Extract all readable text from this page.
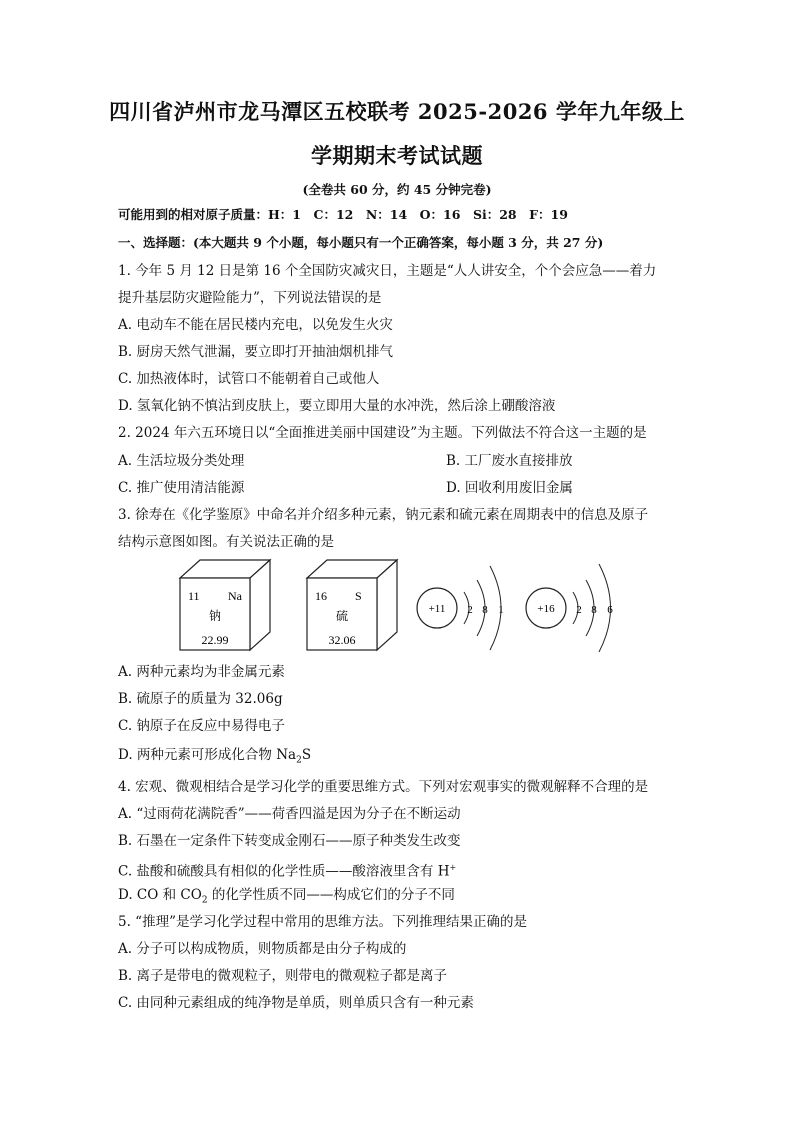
四川省泸州市龙马潭区五校联考 2025-2026 学年九年级上
学期期末考试试题
(全卷共 60 分，约 45 分钟完卷)
可能用到的相对原子质量：H：1　C：12　N：14　O：16　Si：28　F：19
一、选择题：(本大题共 9 个小题，每小题只有一个正确答案，每小题 3 分，共 27 分)
1. 今年 5 月 12 日是第 16 个全国防灾减灾日，主题是“人人讲安全，个个会应急——着力
提升基层防灾避险能力”，下列说法错误的是
A. 电动车不能在居民楼内充电，以免发生火灾
B. 厨房天然气泄漏，要立即打开抽油烟机排气
C. 加热液体时，试管口不能朝着自己或他人
D. 氢氧化钠不慎沾到皮肤上，要立即用大量的水冲洗，然后涂上硼酸溶液
2. 2024 年六五环境日以“全面推进美丽中国建设”为主题。下列做法不符合这一主题的是
A. 生活垃圾分类处理	B. 工厂废水直接排放
C. 推广使用清洁能源	D. 回收利用废旧金属
3. 徐寿在《化学鉴原》中命名并介绍多种元素，钠元素和硫元素在周期表中的信息及原子
结构示意图如图。有关说法正确的是
11 Na
钠
22.99
16 S
硫
32.06
+11 2 8 1	+16 2 8 6
A. 两种元素均为非金属元素
B. 硫原子的质量为 32.06g
C. 钠原子在反应中易得电子
D. 两种元素可形成化合物 $Na_2S$
4. 宏观、微观相结合是学习化学的重要思维方式。下列对宏观事实的微观解释不合理的是
A. “过雨荷花满院香”——荷香四溢是因为分子在不断运动
B. 石墨在一定条件下转变成金刚石——原子种类发生改变
C. 盐酸和硫酸具有相似的化学性质——酸溶液里含有 H+
D. CO 和 $CO_2$ 的化学性质不同——构成它们的分子不同
5. “推理”是学习化学过程中常用的思维方法。下列推理结果正确的是
A. 分子可以构成物质，则物质都是由分子构成的
B. 离子是带电的微观粒子，则带电的微观粒子都是离子
C. 由同种元素组成的纯净物是单质，则单质只含有一种元素
